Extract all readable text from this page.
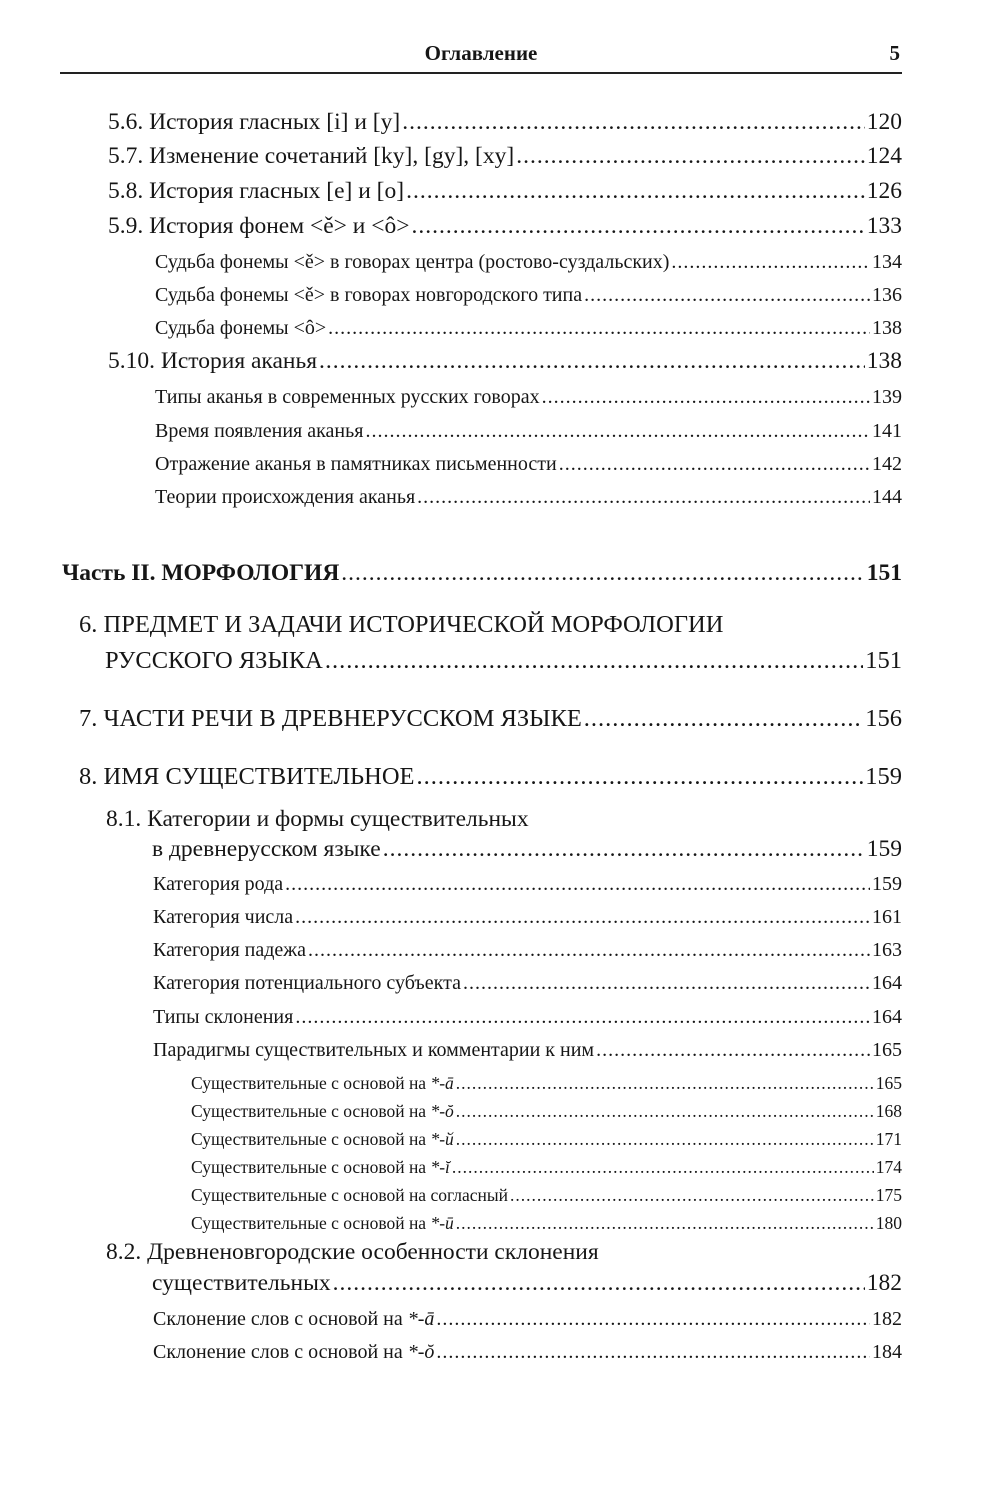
Оглавление	5
5.6. История гласных [i] и [y] .....	120
5.7. Изменение сочетаний [ky], [gy], [xy] .....	124
5.8. История гласных [e] и [o] .....	126
5.9. История фонем <ě> и <ô> .....	133
Судьба фонемы <ě> в говорах центра (ростово-суздальских) .....	134
Судьба фонемы <ě> в говорах новгородского типа .....	136
Судьба фонемы <ô> .....	138
5.10. История аканья .....	138
Типы аканья в современных русских говорах .....	139
Время появления аканья .....	141
Отражение аканья в памятниках письменности .....	142
Теории происхождения аканья .....	144
Часть II. МОРФОЛОГИЯ .....	151
6. ПРЕДМЕТ И ЗАДАЧИ ИСТОРИЧЕСКОЙ МОРФОЛОГИИ
РУССКОГО ЯЗЫКА .....	151
7. ЧАСТИ РЕЧИ В ДРЕВНЕРУССКОМ ЯЗЫКЕ .....	156
8. ИМЯ СУЩЕСТВИТЕЛЬНОЕ .....	159
8.1. Категории и формы существительных
в древнерусском языке .....	159
Категория рода .....	159
Категория числа .....	161
Категория падежа .....	163
Категория потенциального субъекта .....	164
Типы склонения .....	164
Парадигмы существительных и комментарии к ним .....	165
Существительные с основой на *-ā .....	165
Существительные с основой на *-ŏ .....	168
Существительные с основой на *-й .....	171
Существительные с основой на *-ĭ .....	174
Существительные с основой на согласный .....	175
Существительные с основой на *-ū .....	180
8.2. Древненовгородские особенности склонения
существительных .....	182
Склонение слов с основой на *-ā .....	182
Склонение слов с основой на *-ŏ .....	184
